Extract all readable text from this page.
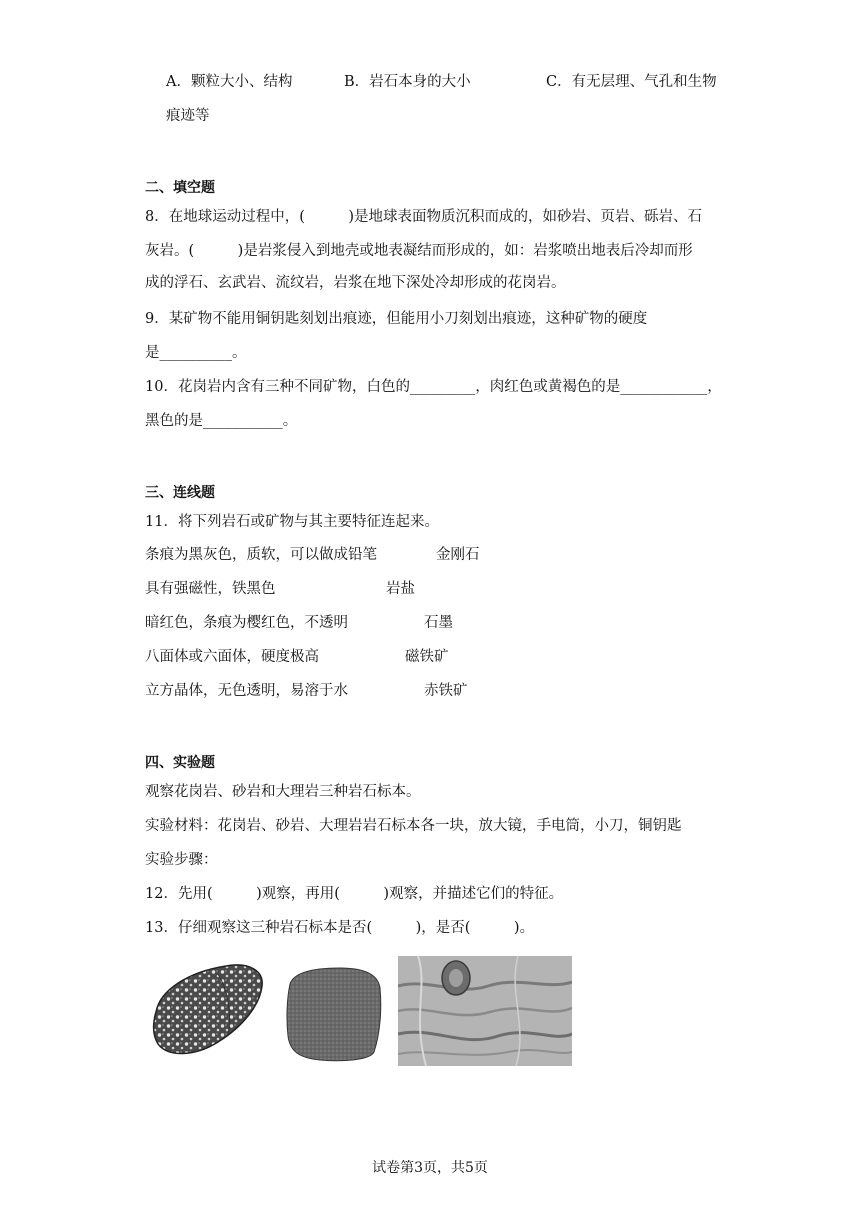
A．颗粒大小、结构	B．岩石本身的大小	C．有无层理、气孔和生物
痕迹等
二、填空题
8．在地球运动过程中，(　　　)是地球表面物质沉积而成的，如砂岩、页岩、砾岩、石
灰岩。(　　　)是岩浆侵入到地壳或地表凝结而形成的，如：岩浆喷出地表后冷却而形
成的浮石、玄武岩、流纹岩，岩浆在地下深处冷却形成的花岗岩。
9．某矿物不能用铜钥匙刻划出痕迹，但能用小刀刻划出痕迹，这种矿物的硬度
是__________。
10．花岗岩内含有三种不同矿物，白色的_________，肉红色或黄褐色的是____________，
黑色的是___________。
三、连线题
11．将下列岩石或矿物与其主要特征连起来。
条痕为黑灰色，质软，可以做成铅笔	金刚石
具有强磁性，铁黑色	岩盐
暗红色，条痕为樱红色，不透明	石墨
八面体或六面体，硬度极高	磁铁矿
立方晶体，无色透明，易溶于水	赤铁矿
四、实验题
观察花岗岩、砂岩和大理岩三种岩石标本。
实验材料：花岗岩、砂岩、大理岩岩石标本各一块，放大镜，手电筒，小刀，铜钥匙
实验步骤：
12．先用(　　　)观察，再用(　　　)观察，并描述它们的特征。
13．仔细观察这三种岩石标本是否(　　　)，是否(　　　)。
试卷第3页，共5页
